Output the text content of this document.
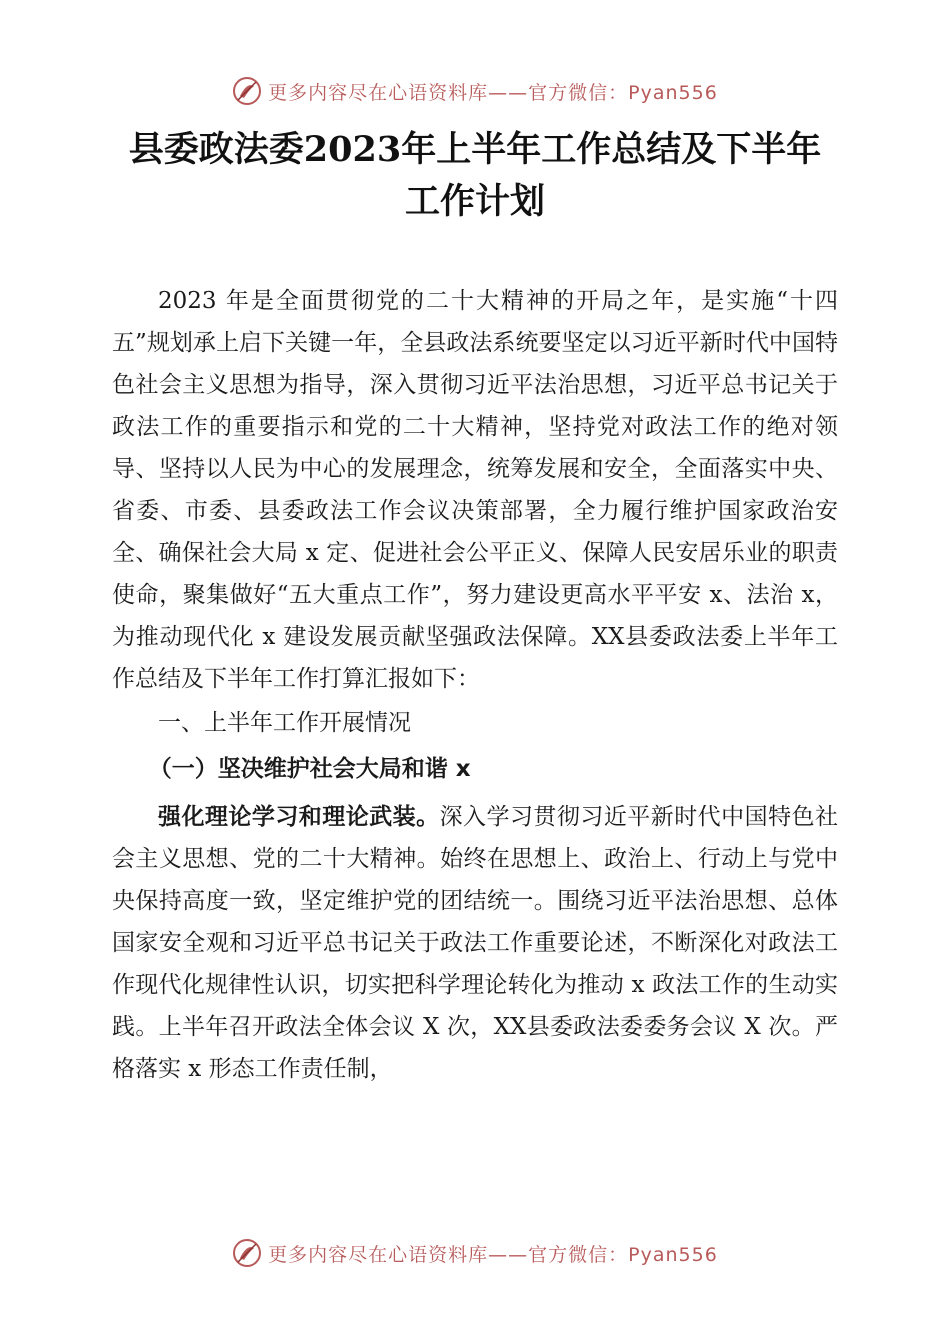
更多内容尽在心语资料库——官方微信：Pyan556
县委政法委2023年上半年工作总结及下半年
工作计划

2023 年是全面贯彻党的二十大精神的开局之年，是实施“十四五”规划承上启下关键一年，全县政法系统要坚定以习近平新时代中国特色社会主义思想为指导，深入贯彻习近平法治思想，习近平总书记关于政法工作的重要指示和党的二十大精神，坚持党对政法工作的绝对领导、坚持以人民为中心的发展理念，统筹发展和安全，全面落实中央、省委、市委、县委政法工作会议决策部署，全力履行维护国家政治安全、确保社会大局 x 定、促进社会公平正义、保障人民安居乐业的职责使命，聚集做好“五大重点工作”，努力建设更高水平平安 x、法治 x，为推动现代化 x 建设发展贡献坚强政法保障。XX县委政法委上半年工作总结及下半年工作打算汇报如下：

一、上半年工作开展情况

（一）坚决维护社会大局和谐 x

强化理论学习和理论武装。深入学习贯彻习近平新时代中国特色社会主义思想、党的二十大精神。始终在思想上、政治上、行动上与党中央保持高度一致，坚定维护党的团结统一。围绕习近平法治思想、总体国家安全观和习近平总书记关于政法工作重要论述，不断深化对政法工作现代化规律性认识，切实把科学理论转化为推动 x 政法工作的生动实践。上半年召开政法全体会议 X 次，XX县委政法委委务会议 X 次。严格落实 x 形态工作责任制，

更多内容尽在心语资料库——官方微信：Pyan556
